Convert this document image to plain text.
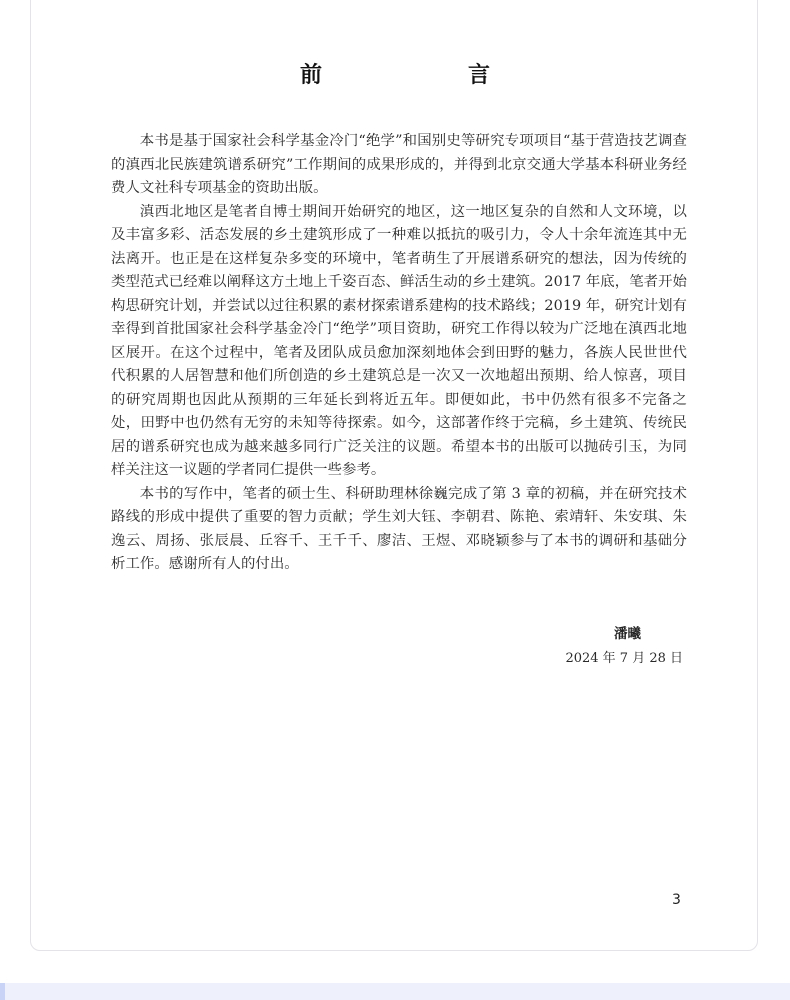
前　　言

本书是基于国家社会科学基金冷门“绝学”和国别史等研究专项项目“基于营造技艺调查的滇西北民族建筑谱系研究”工作期间的成果形成的，并得到北京交通大学基本科研业务经费人文社科专项基金的资助出版。

滇西北地区是笔者自博士期间开始研究的地区，这一地区复杂的自然和人文环境，以及丰富多彩、活态发展的乡土建筑形成了一种难以抵抗的吸引力，令人十余年流连其中无法离开。也正是在这样复杂多变的环境中，笔者萌生了开展谱系研究的想法，因为传统的类型范式已经难以阐释这方土地上千姿百态、鲜活生动的乡土建筑。2017 年底，笔者开始构思研究计划，并尝试以过往积累的素材探索谱系建构的技术路线；2019 年，研究计划有幸得到首批国家社会科学基金冷门“绝学”项目资助，研究工作得以较为广泛地在滇西北地区展开。在这个过程中，笔者及团队成员愈加深刻地体会到田野的魅力，各族人民世世代代积累的人居智慧和他们所创造的乡土建筑总是一次又一次地超出预期、给人惊喜，项目的研究周期也因此从预期的三年延长到将近五年。即便如此，书中仍然有很多不完备之处，田野中也仍然有无穷的未知等待探索。如今，这部著作终于完稿，乡土建筑、传统民居的谱系研究也成为越来越多同行广泛关注的议题。希望本书的出版可以抛砖引玉，为同样关注这一议题的学者同仁提供一些参考。

本书的写作中，笔者的硕士生、科研助理林徐巍完成了第 3 章的初稿，并在研究技术路线的形成中提供了重要的智力贡献；学生刘大钰、李朝君、陈艳、索靖轩、朱安琪、朱逸云、周扬、张辰晨、丘容千、王千千、廖洁、王煜、邓晓颖参与了本书的调研和基础分析工作。感谢所有人的付出。

潘曦
2024 年 7 月 28 日
3
